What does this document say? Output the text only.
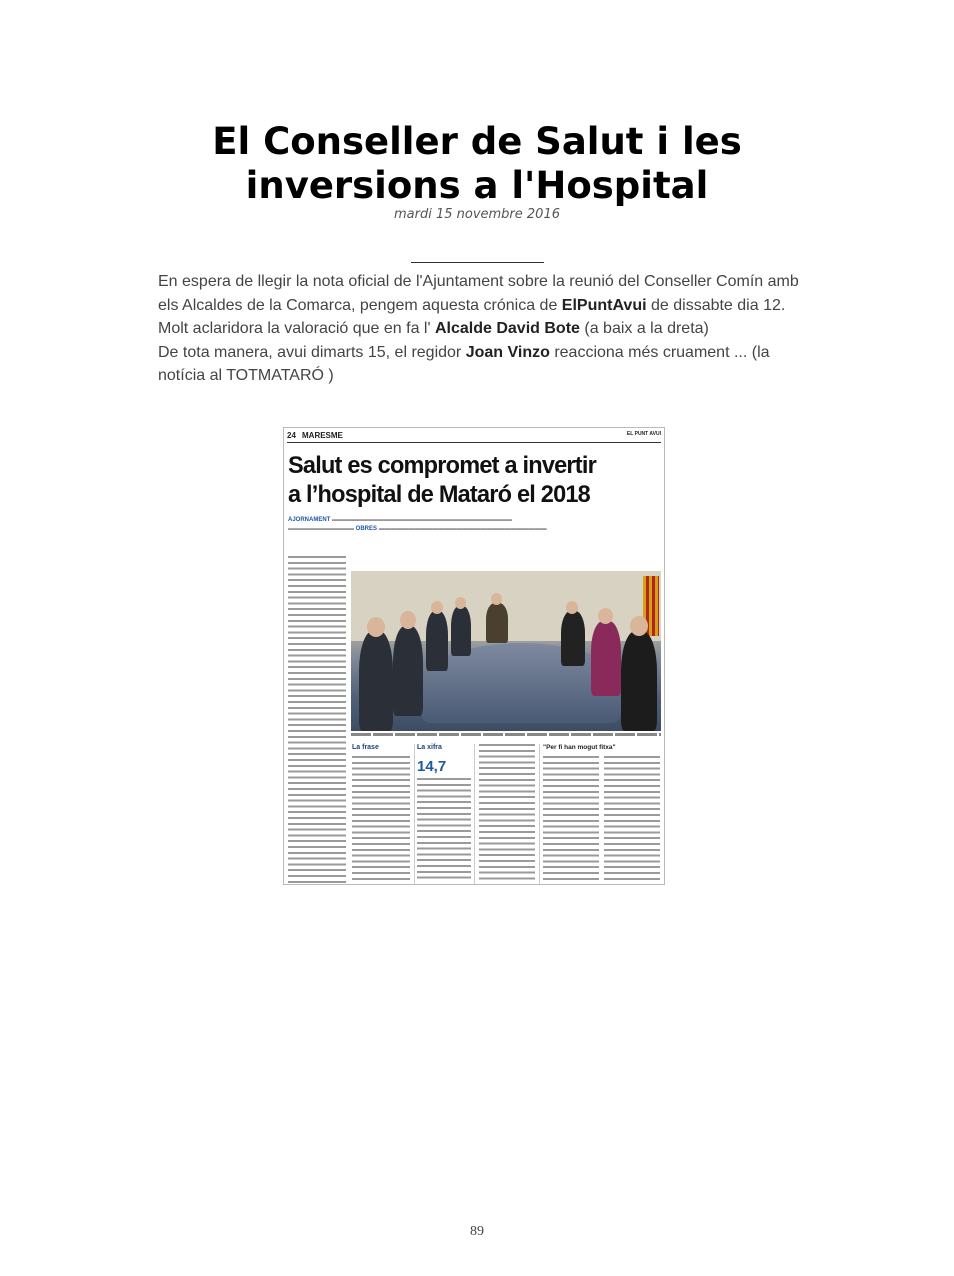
El Conseller de Salut i les
inversions a l'Hospital
mardi 15 novembre 2016

En espera de llegir la nota oficial de l'Ajuntament sobre la reunió del Conseller Comín amb els Alcaldes de la Comarca, pengem aquesta crónica de ElPuntAvui de dissabte dia 12.

Molt aclaridora la valoració que en fa l' Alcalde David Bote (a baix a la dreta)

De tota manera, avui dimarts 15, el regidor Joan Vinzo reacciona més cruament ... (la notícia al TOTMATARÓ )

24 MARESME	EL PUNT AVUI
Salut es compromet a invertir
a l’hospital de Mataró el 2018
AJORNAMENT ▬▬▬▬▬▬▬▬▬▬▬▬▬▬▬▬▬▬▬▬▬▬▬▬▬▬▬▬▬▬
▬▬▬▬▬▬▬▬▬▬▬ OBRES ▬▬▬▬▬▬▬▬▬▬▬▬▬▬▬▬▬▬▬▬▬▬▬▬▬▬▬▬
La frase	La xifra
14,7
"Per fi han mogut fitxa"
89
